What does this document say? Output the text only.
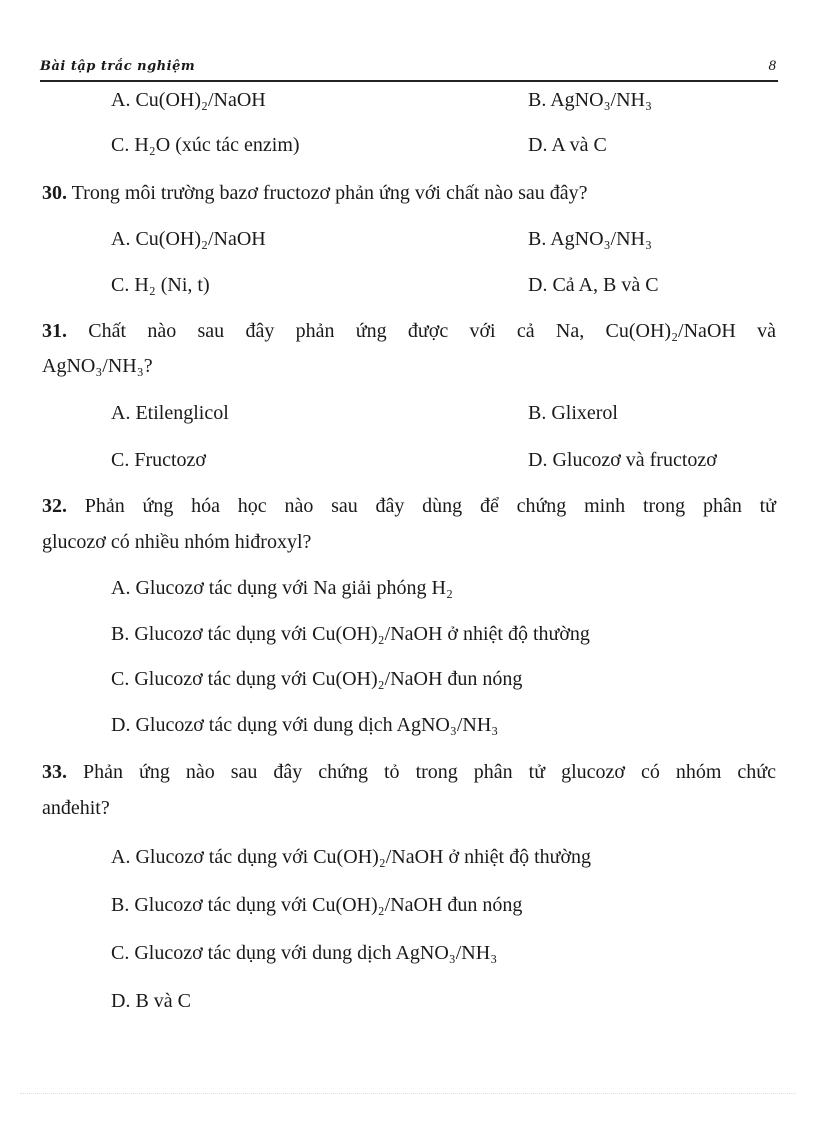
Bài tập trắc nghiệm	8
A. Cu(OH)₂/NaOH	B. AgNO₃/NH₃
C. H₂O (xúc tác enzim)	D. A và C
30. Trong môi trường bazơ fructozơ phản ứng với chất nào sau đây?
A. Cu(OH)₂/NaOH	B. AgNO₃/NH₃
C. H₂ (Ni, t)	D. Cả A, B và C
31. Chất nào sau đây phản ứng được với cả Na, Cu(OH)₂/NaOH và
AgNO₃/NH₃?
A. Etilenglicol	B. Glixerol
C. Fructozơ	D. Glucozơ và fructozơ
32. Phản ứng hóa học nào sau đây dùng để chứng minh trong phân tử
glucozơ có nhiều nhóm hiđroxyl?
A. Glucozơ tác dụng với Na giải phóng H₂
B. Glucozơ tác dụng với Cu(OH)₂/NaOH ở nhiệt độ thường
C. Glucozơ tác dụng với Cu(OH)₂/NaOH đun nóng
D. Glucozơ tác dụng với dung dịch AgNO₃/NH₃
33. Phản ứng nào sau đây chứng tỏ trong phân tử glucozơ có nhóm chức
anđehit?
A. Glucozơ tác dụng với Cu(OH)₂/NaOH ở nhiệt độ thường
B. Glucozơ tác dụng với Cu(OH)₂/NaOH đun nóng
C. Glucozơ tác dụng với dung dịch AgNO₃/NH₃
D. B và C
